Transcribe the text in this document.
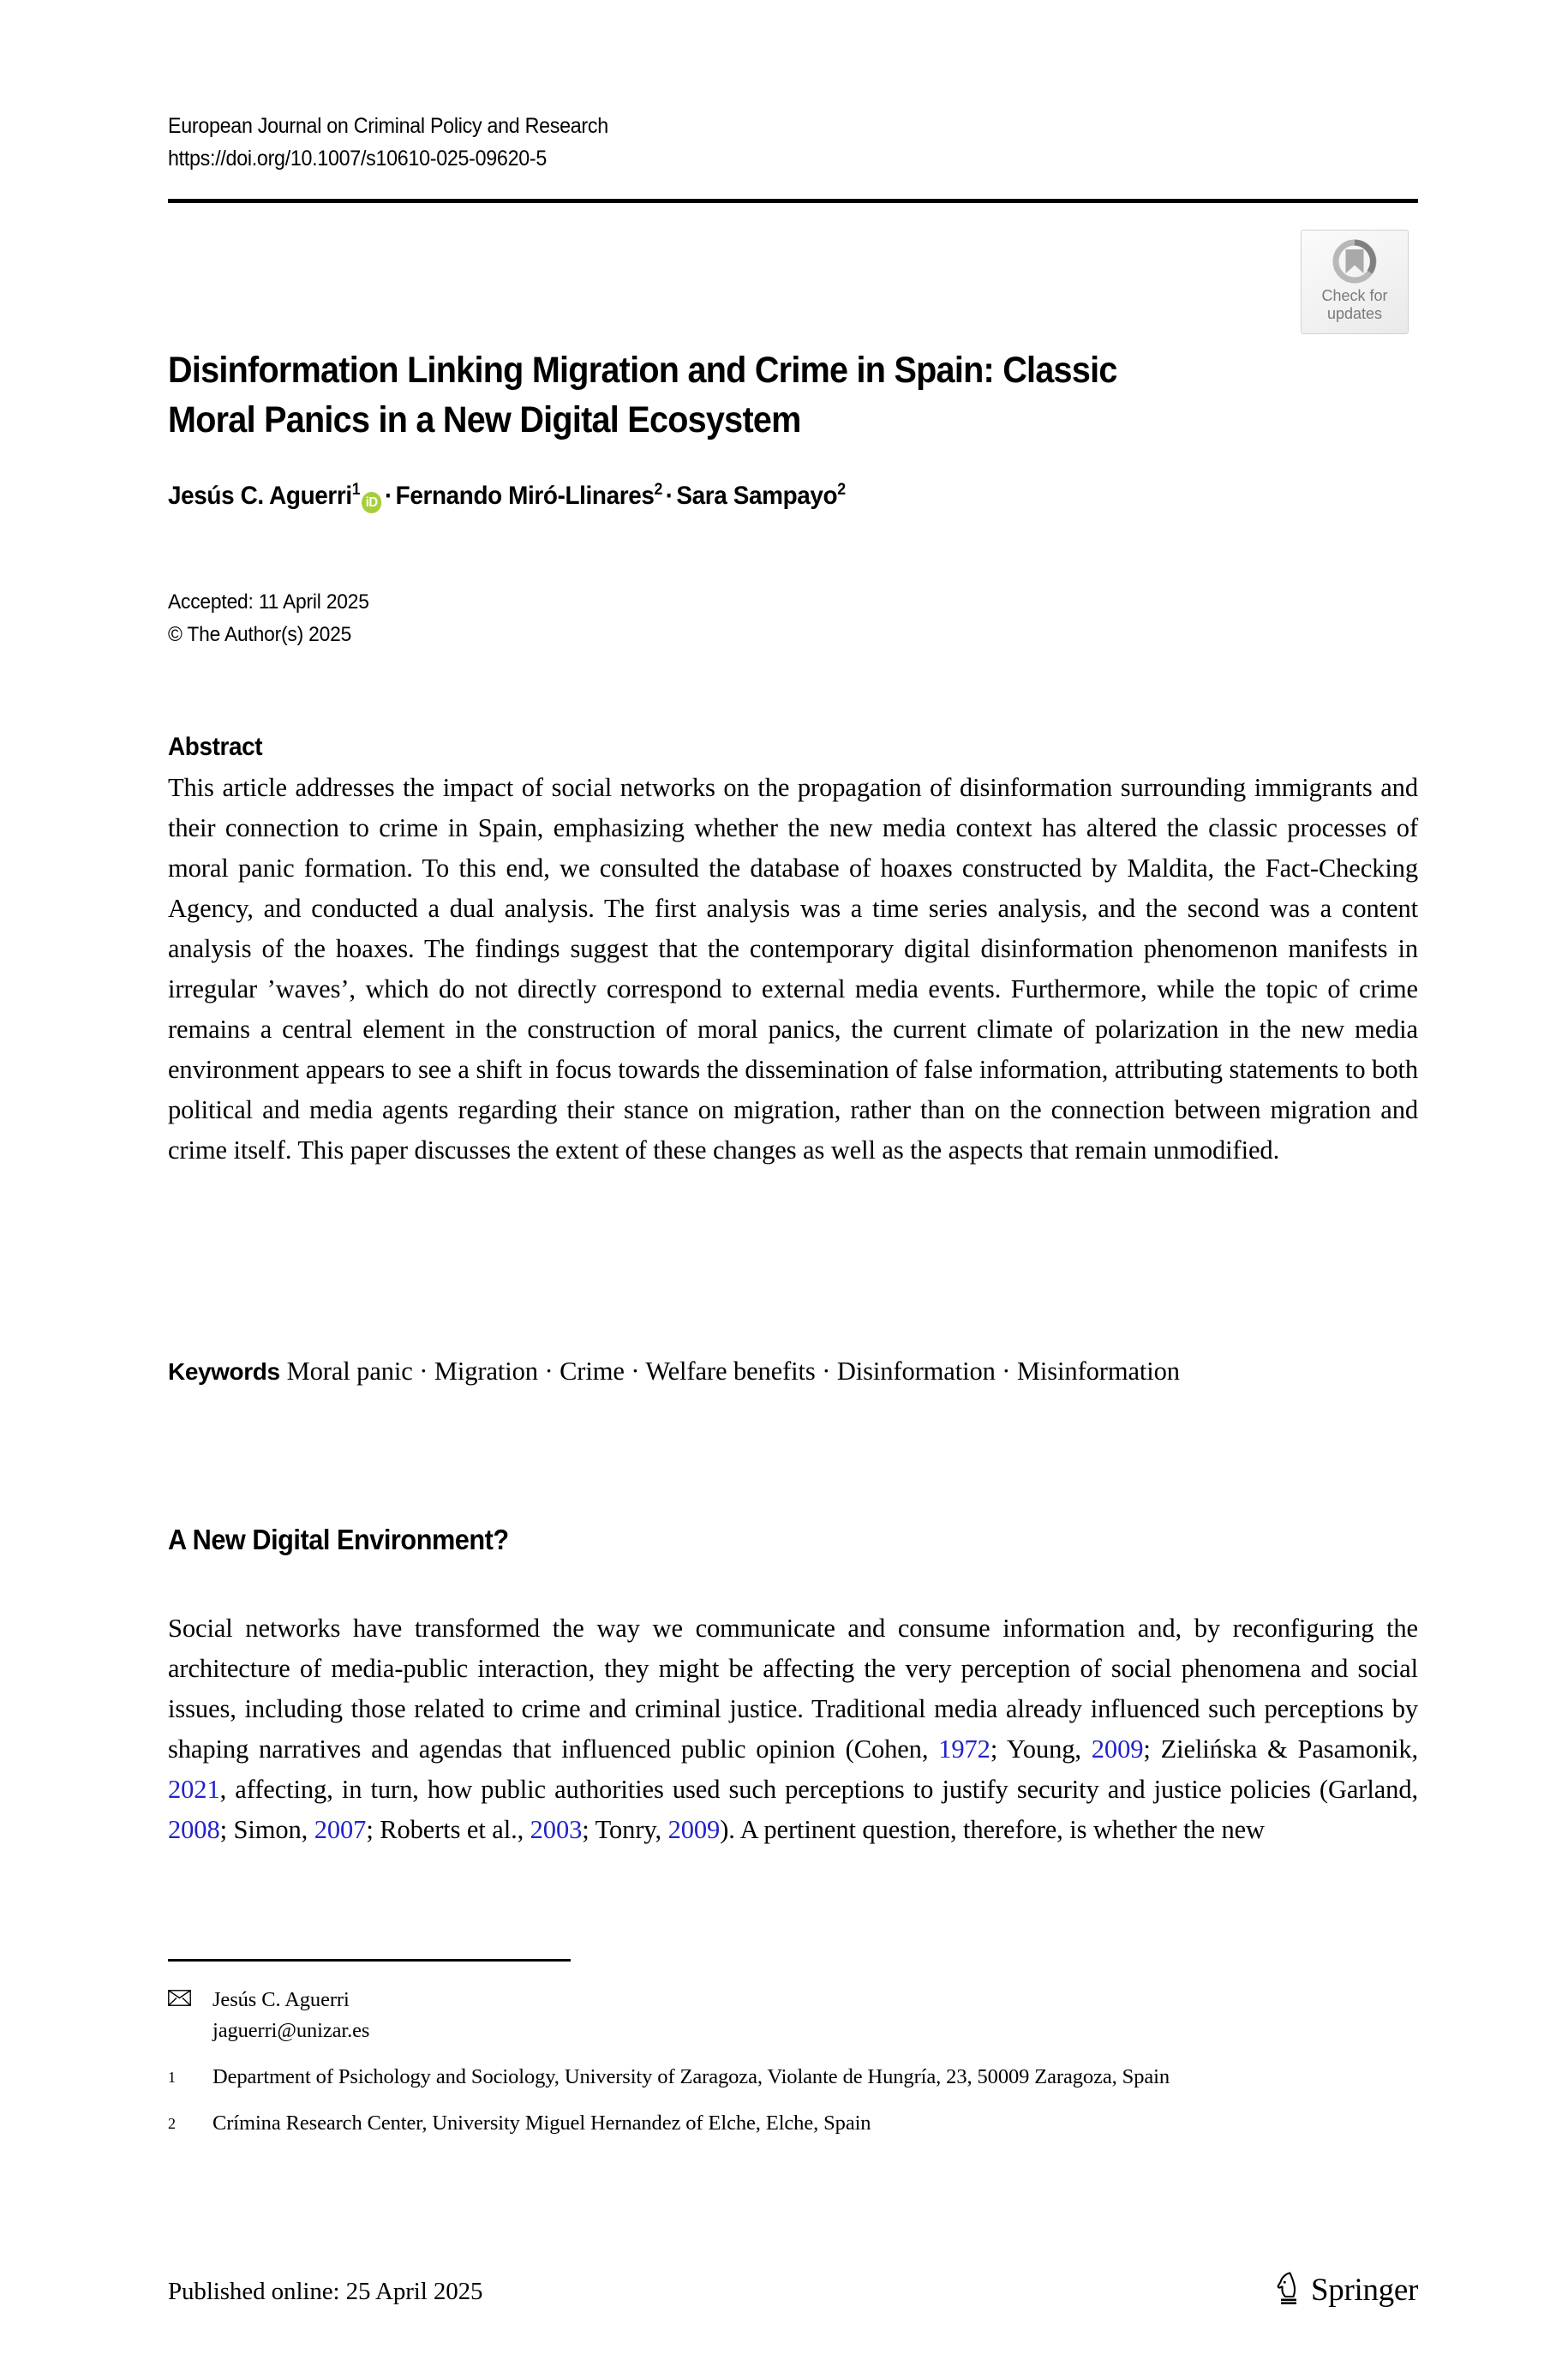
European Journal on Criminal Policy and Research
https://doi.org/10.1007/s10610-025-09620-5
Check for
updates
Disinformation Linking Migration and Crime in Spain: Classic
Moral Panics in a New Digital Ecosystem
Jesús C. Aguerri$^1$iD · Fernando Miró-Llinares$^2$ · Sara Sampayo$^2$
Accepted: 11 April 2025
© The Author(s) 2025
Abstract
This article addresses the impact of social networks on the propagation of disinformation surrounding immigrants and their connection to crime in Spain, emphasizing whether the new media context has altered the classic processes of moral panic formation. To this end, we consulted the database of hoaxes constructed by Maldita, the Fact-Checking Agency, and conducted a dual analysis. The first analysis was a time series analysis, and the second was a content analysis of the hoaxes. The findings suggest that the contemporary digital disinformation phenomenon manifests in irregular ’waves’, which do not directly correspond to external media events. Furthermore, while the topic of crime remains a central element in the construction of moral panics, the current climate of polarization in the new media environment appears to see a shift in focus towards the dissemination of false information, attributing statements to both political and media agents regarding their stance on migration, rather than on the connection between migration and crime itself. This paper discusses the extent of these changes as well as the aspects that remain unmodified.
Keywords Moral panic · Migration · Crime · Welfare benefits · Disinformation · Misinformation
A New Digital Environment?
Social networks have transformed the way we communicate and consume information and, by reconfiguring the architecture of media-public interaction, they might be affecting the very perception of social phenomena and social issues, including those related to crime and criminal justice. Traditional media already influenced such perceptions by shaping narratives and agendas that influenced public opinion (Cohen, 1972; Young, 2009; Zielińska & Pasamonik, 2021, affecting, in turn, how public authorities used such perceptions to justify security and justice policies (Garland, 2008; Simon, 2007; Roberts et al., 2003; Tonry, 2009). A pertinent question, therefore, is whether the new
Jesús C. Aguerri
jaguerri@unizar.es
1	Department of Psichology and Sociology, University of Zaragoza, Violante de Hungría, 23, 50009 Zaragoza, Spain
2	Crímina Research Center, University Miguel Hernandez of Elche, Elche, Spain
Published online: 25 April 2025	Springer
